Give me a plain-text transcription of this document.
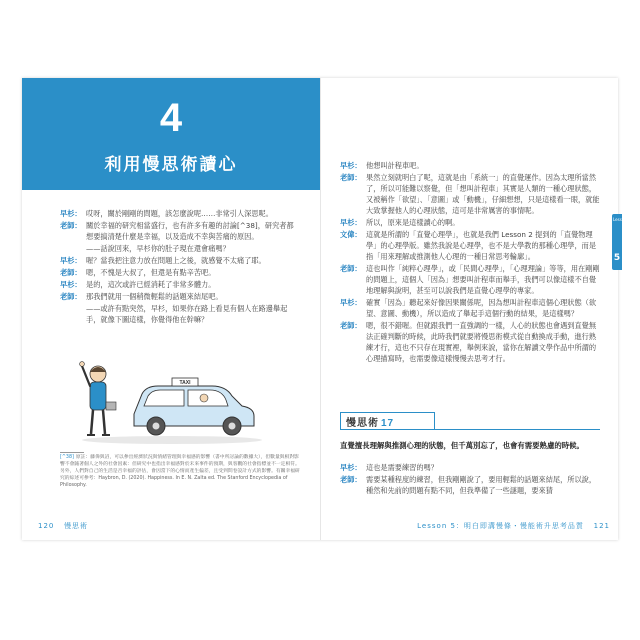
4
利用慢思術讀心
早杉： 哎呀，關於剛剛的問題，該怎麼說呢……非常引人深思呢。
老師： 關於幸福的研究相當盛行，也有許多有趣的討論[^38]，研究者都想要搞清楚什麼是幸福，以及造成不幸與苦痛的原因。
——話說回來，早杉你的肚子現在還會痛嗎？
早杉： 喔？當我把注意力放在問題上之後，就感覺不太痛了耶。
老師： 嗯，不愧是大叔了，但還是有點辛苦吧。
早杉： 是的，這次或許已經消耗了非常多體力。
老師： 那我們就用一個稍微輕鬆的話題來結尾吧。
——或許有點突然，早杉，如果你在路上看見有個人在路邊舉起手，就像下圖這樣，你覺得他在幹嘛？
TAXI
[^38] 原註：藤偉與沼，可以參出經濟狀況與情緒管理與幸福感的影響（書中所討論的數據大），但數量與相對影響不會隨著個人之外的社會因素：但研究中也指出幸福感對於未來事件的預期，與客觀的社會指標並不一定相符。另外，人們對自己的生活是否幸福的評估，會因當下的心情而產生偏差，且受到問卷設計方式的影響。有關幸福研究的綜述可參考：Haybron, D. (2020). Happiness. In E. N. Zalta ed. The Stanford Encyclopedia of Philosophy.
120 慢思術
早杉： 他想叫計程車吧。
老師： 果然立刻就明白了呢，這就是由「系統一」的直覺運作。因為太理所當然了，所以可能難以察覺，但「想叫計程車」其實是人類的一種心理狀態，又被稱作「欲望」、「意圖」或「動機」，仔細想想，只是這樣看一眼，就能大致掌握他人的心理狀態，這可是非常厲害的事情呢。
早杉： 所以，原來是這樣讀心的啊。
文偉： 這就是所謂的「直覺心理學」，也就是我們 Lesson 2 提到的「直覺物理學」的心理學版。雖然我說是心理學，也不是大學教的那種心理學，而是指「用來理解或推測他人心理的一種日常思考輪廓」。
老師： 這也叫作「純粹心理學」，或「民間心理學」，「心理理論」等等，用在剛剛的問題上，這個人「因為」想要叫計程車而舉手，我們可以像這樣不自覺地理解與說明，甚至可以說我們是直覺心理學的專家。
早杉： 確實「因為」聽起來好像因果關係呢，因為想叫計程車這個心理狀態（欲望、意圖、動機），所以造成了舉起手這個行動的結果，是這樣嗎？
老師： 嗯，很不錯喔。但就跟我們一直強調的一樣，人心的狀態也會遇到直覺無法正確判斷的時候，此時我們就要將慢思術模式從自動換成手動，進行熟練才行，這也不只存在現實裡，舉例來說，當你在解讀文學作品中所謂的心理描寫時，也需要像這樣慢慢去思考才行。
Lesson
5
慢思術 17
直覺擅長理解與推測心理的狀態，但千萬別忘了，也會有需要熟慮的時候。
早杉： 這也是需要練習的嗎？
老師： 需要某種程度的練習，但我剛剛說了，要用輕鬆的話題來結尾，所以說，種然和先前的問題有點不同，但我準備了一些謎題，要來猜
Lesson 5：明白即溝慢條・慢能術升思考品質 121
